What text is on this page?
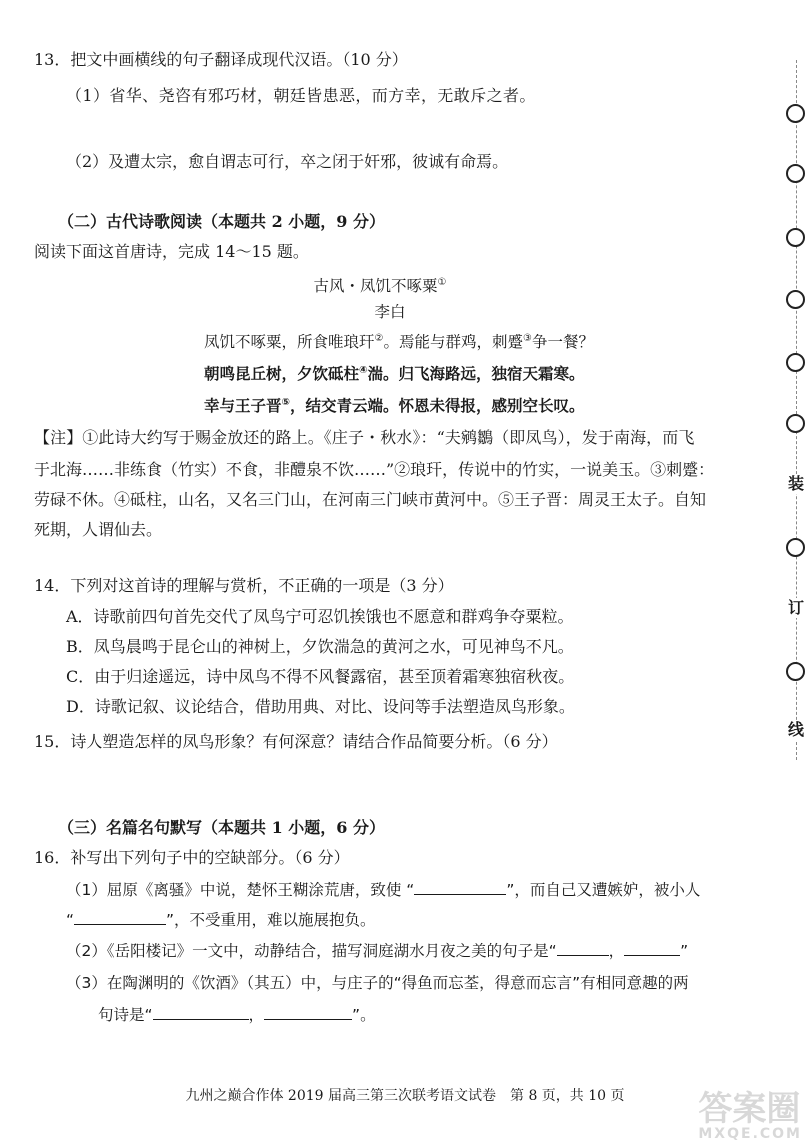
13．把文中画横线的句子翻译成现代汉语。（10 分）
（1）省华、尧咨有邪巧材，朝廷皆患恶，而方幸，无敢斥之者。
（2）及遭太宗，愈自谓志可行，卒之闭于奸邪，彼诚有命焉。
（二）古代诗歌阅读（本题共 2 小题，9 分）
阅读下面这首唐诗，完成 14～15 题。
古风・凤饥不啄粟①
李白
凤饥不啄粟，所食唯琅玕②。焉能与群鸡，刺蹙③争一餐？
朝鸣昆丘树，夕饮砥柱④湍。归飞海路远，独宿天霜寒。
幸与王子晋⑤，结交青云端。怀恩未得报，感别空长叹。
【注】①此诗大约写于赐金放还的路上。《庄子・秋水》：“夫鹓鶵（即凤鸟），发于南海，而飞
于北海……非练食（竹实）不食，非醴泉不饮……”②琅玕，传说中的竹实，一说美玉。③刺蹙：
劳碌不休。④砥柱，山名，又名三门山，在河南三门峡市黄河中。⑤王子晋：周灵王太子。自知
死期，人谓仙去。
14．下列对这首诗的理解与赏析，不正确的一项是（3 分）
A．诗歌前四句首先交代了凤鸟宁可忍饥挨饿也不愿意和群鸡争夺粟粒。
B．凤鸟晨鸣于昆仑山的神树上，夕饮湍急的黄河之水，可见神鸟不凡。
C．由于归途遥远，诗中凤鸟不得不风餐露宿，甚至顶着霜寒独宿秋夜。
D．诗歌记叙、议论结合，借助用典、对比、设问等手法塑造凤鸟形象。
15．诗人塑造怎样的凤鸟形象？有何深意？请结合作品简要分析。（6 分）
（三）名篇名句默写（本题共 1 小题，6 分）
16．补写出下列句子中的空缺部分。（6 分）
（1）屈原《离骚》中说，楚怀王糊涂荒唐，致使 “	”，而自己又遭嫉妒，被小人
“	”，不受重用，难以施展抱负。
（2）《岳阳楼记》一文中，动静结合，描写洞庭湖水月夜之美的句子是“	，	”
（3）在陶渊明的《饮酒》（其五）中，与庄子的“得鱼而忘荃，得意而忘言”有相同意趣的两
句诗是“	，	”。
装
订
线
九州之巅合作体 2019 届高三第三次联考语文试卷　第 8 页，共 10 页	答案圈
MXQE.COM
